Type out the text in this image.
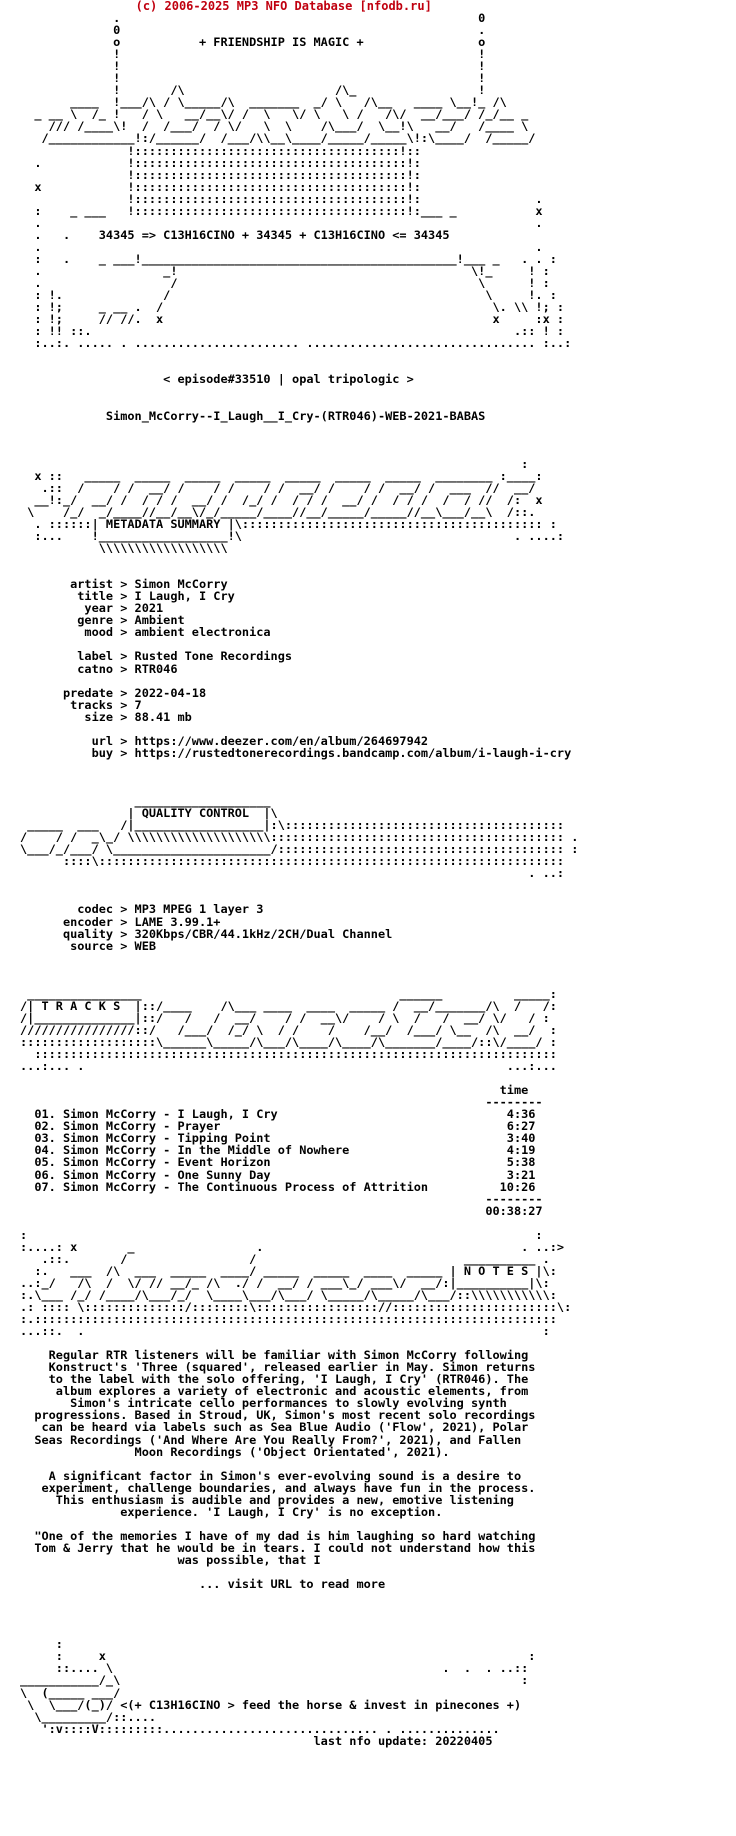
(c) 2006-2025 MP3 NFO Database [nfodb.ru]
.                                                  0
0                                                  .
o           + FRIENDSHIP IS MAGIC +                o
!                                                  !
!                                                  !
!                                                  !
!       /\                     /\_                 !
____  !___/\ / \_____/\  _______  _/ \   /\__   ____ \__!_ /\
_ __ \  /_ !   / \   __/__\/ /  \   \/ \   \ /   /\/  __/___/ /_/__ _
/// /____\!  /  /___/  / \/   \  \    /\___/  \__!\   __/   /____ \
/____________!:/______/  /___/\\__\____/_____/_____\!:\____/  /_____/
!:::::::::::::::::::::::::::::::::::::!::
.            !::::::::::::::::::::::::::::::::::::::!:
!::::::::::::::::::::::::::::::::::::::!:
x            !::::::::::::::::::::::::::::::::::::::!:
!::::::::::::::::::::::::::::::::::::::!:                .
:    _ ___   !::::::::::::::::::::::::::::::::::::::!:___ _           x
.                                                                     .
.   .    34345 => C13H16CINO + 34345 + C13H16CINO <= 34345
.                                                                     .
:   .    _ ___!____________________________________________!___ _   . . :
.                 _!                                         \!_     ! :
.                  /                                          \      ! :
: !.              /                                            \     !. :
: !;     _ __ .  /                                              \. \\ !; :
: !;     // //.  x                                              x     :x :
: !! ::.                                                           .:: ! :
:..:. ..... . ....................... ................................ :..:

< episode#33510 | opal tripologic >

Simon_McCorry--I_Laugh__I_Cry-(RTR046)-WEB-2021-BABAS

:
x ::   _____  _____  _____  _____  _____  _____  _____  ________ :____:
.::  /    / /  __/ /    / /    / /  __/ /    / /  __/ /  ___  //  __/
__!:_/  __/ /  / / /  __/ /  /_/ /  / / /  __/ /  / / /  /  / //  /:  x
\    /_/  _/____//__/__\/_/_____/____//__/_____/_____//__\___/__\  /::.
. ::::::| METADATA SUMMARY |\:::::::::::::::::::::::::::::::::::::::::: :
:...    !__________________!\                                      . ....:
\\\\\\\\\\\\\\\\\\

artist > Simon McCorry
title > I Laugh, I Cry
year > 2021
genre > Ambient
mood > ambient electronica

label > Rusted Tone Recordings
catno > RTR046

predate > 2022-04-18
tracks > 7
size > 88.41 mb

url > https://www.deezer.com/en/album/264697942
buy > https://rustedtonerecordings.bandcamp.com/album/i-laugh-i-cry

___________________
| QUALITY CONTROL  |\
_____  ___   /|__________________|:\:::::::::::::::::::::::::::::::::::::::
/    / /  _\_/ \\\\\\\\\\\\\\\\\\\\::::::::::::::::::::::::::::::::::::::::: .
\___/_/___/ \______________________/:::::::::::::::::::::::::::::::::::::::: :
::::\:::::::::::::::::::::::::::::::::::::::::::::::::::::::::::::::::
. ..:

codec > MP3 MPEG 1 layer 3
encoder > LAME 3.99.1+
quality > 320Kbps/CBR/44.1kHz/2CH/Dual Channel
source > WEB

________________                                    ______          _____:
/| T R A C K S  |::/____    /\___ ____  ____  _____ /  __/_______/\  /   /:
/|______________|::/   /   /  __/    / /  __\/    / \  /   /  __/ \/   / :
////////////////::/   /___/  /_/ \  / /    /    /__/  /___/ \__  /\  __/  :
:::::::::::::::::::\______\_____/\___/\____/\____/\_______/____/::\/____/ :
:::::::::::::::::::::::::::::::::::::::::::::::::::::::::::::::::::::::::
...:... .                                                           ...:...

time
--------
01. Simon McCorry - I Laugh, I Cry                                4:36
02. Simon McCorry - Prayer                                        6:27
03. Simon McCorry - Tipping Point                                 3:40
04. Simon McCorry - In the Middle of Nowhere                      4:19
05. Simon McCorry - Event Horizon                                 5:38
06. Simon McCorry - One Sunny Day                                 3:21
07. Simon McCorry - The Continuous Process of Attrition          10:26
--------
00:38:27

:                                                                       :
:....: x       _                 .                                    . ..:>
.::.       /                 /                             __________ .
:.   ___  /\  ___  _____  ____/ _____  _____  ____  _____ | N O T E S |\:
..:_/   /\  /  \/ // __/_ /\  ./ /  __/ / ___\_/ ___\/  __/:|__________|\:
:.\___ /_/ /____/\___/_/  \____\___/\___/ \_____/\_____/\___/::\\\\\\\\\\\:
.: :::: \::::::::::::::/::::::::\::::::::::::::::://:::::::::::::::::::::::\:
:.:::::::::::::::::::::::::::::::::::::::::::::::::::::::::::::::::::::::::
...::.  .                                                                :

Regular RTR listeners will be familiar with Simon McCorry following
Konstruct's 'Three (squared', released earlier in May. Simon returns
to the label with the solo offering, 'I Laugh, I Cry' (RTR046). The
album explores a variety of electronic and acoustic elements, from
Simon's intricate cello performances to slowly evolving synth
progressions. Based in Stroud, UK, Simon's most recent solo recordings
can be heard via labels such as Sea Blue Audio ('Flow', 2021), Polar
Seas Recordings ('And Where Are You Really From?', 2021), and Fallen
Moon Recordings ('Object Orientated', 2021).

A significant factor in Simon's ever-evolving sound is a desire to
experiment, challenge boundaries, and always have fun in the process.
This enthusiasm is audible and provides a new, emotive listening
experience. 'I Laugh, I Cry' is no exception.

"One of the memories I have of my dad is him laughing so hard watching
Tom & Jerry that he would be in tears. I could not understand how this
was possible, that I

... visit URL to read more

:
:     x                                                           :
::.... \                                              .  .  . ..::
___________/_\                                                        :
\  (_____ ___/
\  \___/(_)/ <(+ C13H16CINO > feed the horse & invest in pinecones +)
\_________/::....
':v::::V:::::::::.............................. . ..............
last nfo update: 20220405
